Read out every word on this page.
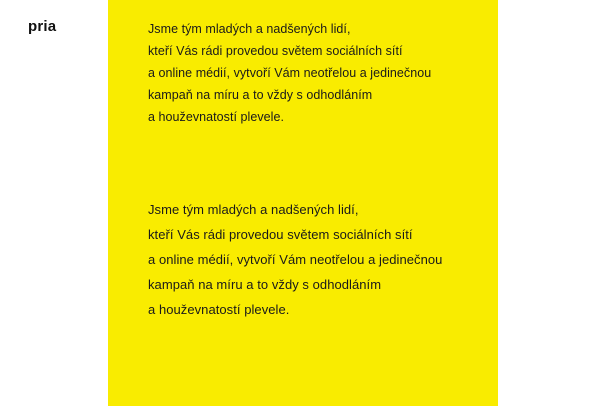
pria	Jsme tým mladých a nadšených lidí,
kteří Vás rádi provedou světem sociálních sítí
a online médií, vytvoří Vám neotřelou a jedinečnou
kampaň na míru a to vždy s odhodláním
a houževnatostí plevele.
Jsme tým mladých a nadšených lidí,
kteří Vás rádi provedou světem sociálních sítí
a online médií, vytvoří Vám neotřelou a jedinečnou
kampaň na míru a to vždy s odhodláním
a houževnatostí plevele.
